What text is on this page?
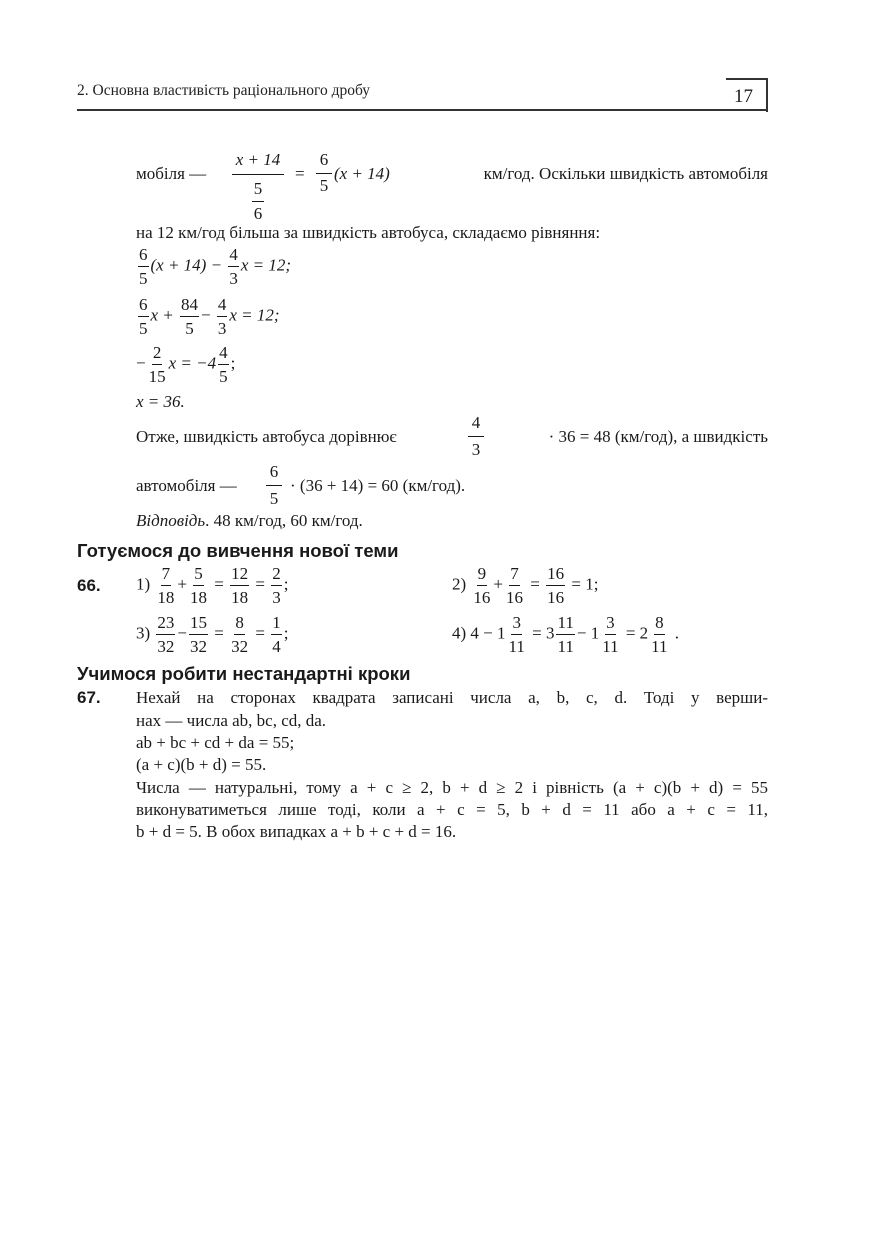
2. Основна властивість раціонального дробу	17
мобіля —
x + 14
5
6
= $\frac{6}{5} (x + 14)$	км/год. Оскільки швидкість автомобіля
на 12 км/год більша за швидкість автобуса, складаємо рівняння:
$\frac{6}{5} (x + 14) - \frac{4}{3}$ x = 12;
$\frac{6}{5}$ $x + \frac{84}{5} - \frac{4}{3}$ x = 12;
− $\frac{2}{15}$ $x = -4 \frac{4}{5}$ ;
x = 36.
Отже, швидкість автобуса дорівнює	$\frac{4}{3}$	· 36 = 48 (км/год), а швидкість
автомобіля — $\frac{6}{5} \cdot (36 + 14) = 60$ (км/год).
Відповідь. 48 км/год, 60 км/год.
Готуємося до вивчення нової теми
66. $1) \frac{7}{18} + \frac{5}{18} = \frac{12}{18} = \frac{2}{3}$ ;	$2) \frac{9}{16} + \frac{7}{16} = \frac{16}{16} = 1$;
$3) \frac{23}{32} - \frac{15}{32} = \frac{8}{32} = \frac{1}{4}$ ;	4) $4 - 1 \frac{3}{11} = 3 \frac{11}{11} - 1 \frac{3}{11} = 2 \frac{8}{11}$ .
Учимося робити нестандартні кроки
67. Нехай на сторонах квадрата записані числа a, b, c, d. Тоді у верши-
нах — числа ab, bc, cd, da.
ab + bc + cd + da = 55;
(a + c)(b + d) = 55.
Числа — натуральні, тому a + c ≥ 2, b + d ≥ 2 і рівність (a + c)(b + d) = 55
виконуватиметься лише тоді, коли a + c = 5, b + d = 11 або a + c = 11,
b + d = 5. В обох випадках a + b + c + d = 16.
